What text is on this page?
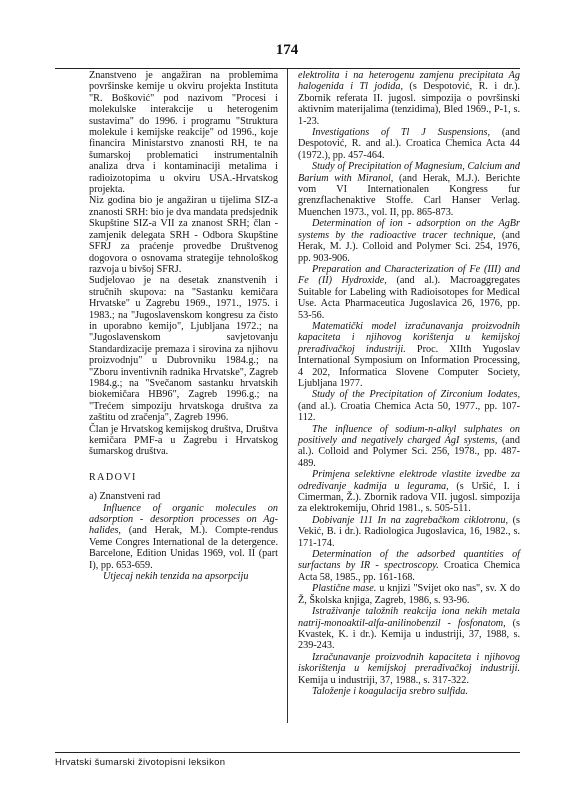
174

Znanstveno je angažiran na problemima površinske kemije u okviru projekta Instituta "R. Bošković" pod nazivom "Procesi i molekulske interakcije u heterogenim sustavima" do 1996. i programu "Struktura molekule i kemijske reakcije" od 1996., koje financira Ministarstvo znanosti RH, te na šumarskoj problematici instrumentalnih analiza drva i kontaminaciji metalima i radioizotopima u okviru USA.-Hrvatskog projekta.

Niz godina bio je angažiran u tijelima SIZ-a znanosti SRH: bio je dva mandata predsjednik Skupštine SIZ-a VII za znanost SRH; član - zamjenik delegata SRH - Odbora Skupštine SFRJ za praćenje provedbe Društvenog dogovora o osnovama strategije tehnološkog razvoja u bivšoj SFRJ.

Sudjelovao je na desetak znanstvenih i stručnih skupova: na "Sastanku kemičara Hrvatske" u Zagrebu 1969., 1971., 1975. i 1983.; na "Jugoslavenskom kongresu za čisto in uporabno kemijo", Ljubljana 1972.; na "Jugoslavenskom savjetovanju Standardizacije premaza i sirovina za njihovu proizvodnju" u Dubrovniku 1984.g.; na "Zboru inventivnih radnika Hrvatske", Zagreb 1984.g.; na "Svečanom sastanku hrvatskih biokemičara HB96", Zagreb 1996.g.; na "Trećem simpoziju hrvatskoga društva za zaštitu od zračenja", Zagreb 1996.

Član je Hrvatskog kemijskog društva, Društva kemičara PMF-a u Zagrebu i Hrvatskog šumarskog društva.

RADOVI
a) Znanstveni rad

Influence of organic molecules on adsorption - desorption processes on Ag-halides, (and Herak, M.). Compte-rendus Veme Congres International de la detergence. Barcelone, Edition Unidas 1969, vol. II (part I), pp. 653-659.

Utjecaj nekih tenzida na apsorpciju

elektrolita i na heterogenu zamjenu precipitata Ag halogenida i Tl jodida, (s Despotović, R. i dr.). Zbornik referata II. jugosl. simpozija o površinski aktivnim materijalima (tenzidima), Bled 1969., P-1, s. 1-23.

Investigations of Tl J Suspensions, (and Despotović, R. and al.). Croatica Chemica Acta 44 (1972.), pp. 457-464.

Study of Precipitation of Magnesium, Calcium and Barium with Miranol, (and Herak, M.J.). Berichte vom VI Internationalen Kongress fur grenzflachenaktive Stoffe. Carl Hanser Verlag. Muenchen 1973., vol. II, pp. 865-873.

Determination of ion - adsorption on the AgBr systems by the radioactive tracer technique, (and Herak, M. J.). Colloid and Polymer Sci. 254, 1976, pp. 903-906.

Preparation and Characterization of Fe (III) and Fe (II) Hydroxide, (and al.). Macroaggregates Suitable for Labeling with Radioisotopes for Medical Use. Acta Pharmaceutica Jugoslavica 26, 1976, pp. 53-56.

Matematički model izračunavanja proizvodnih kapaciteta i njihovog korištenja u kemijskoj prerađivačkoj industriji. Proc. XIIth Yugoslav International Symposium on Information Processing, 4 202, Informatica Slovene Computer Society, Ljubljana 1977.

Study of the Precipitation of Zirconium Iodates, (and al.). Croatia Chemica Acta 50, 1977., pp. 107-112.

The influence of sodium-n-alkyl sulphates on positively and negatively charged AgI systems, (and al.). Colloid and Polymer Sci. 256, 1978., pp. 487-489.

Primjena selektivne elektrode vlastite izvedbe za određivanje kadmija u legurama, (s Uršić, I. i Cimerman, Ž.). Zbornik radova VII. jugosl. simpozija za elektrokemiju, Ohrid 1981., s. 505-511.

Dobivanje 111 In na zagrebačkom ciklotronu, (s Vekić, B. i dr.). Radiologica Jugoslavica, 16, 1982., s. 171-174.

Determination of the adsorbed quantities of surfactans by IR - spectroscopy. Croatica Chemica Acta 58, 1985., pp. 161-168.

Plastične mase. u knjizi "Svijet oko nas", sv. X do Ž, Školska knjiga, Zagreb, 1986, s. 93-96.

Istraživanje taložnih reakcija iona nekih metala natrij-monoaktil-alfa-anilinobenzil - fosfonatom, (s Kvastek, K. i dr.). Kemija u industriji, 37, 1988, s. 239-243.

Izračunavanje proizvodnih kapaciteta i njihovog iskorištenja u kemijskoj prerađivačkoj industriji. Kemija u industriji, 37, 1988., s. 317-322.

Taloženje i koagulacija srebro sulfida.

Hrvatski šumarski životopisni leksikon
